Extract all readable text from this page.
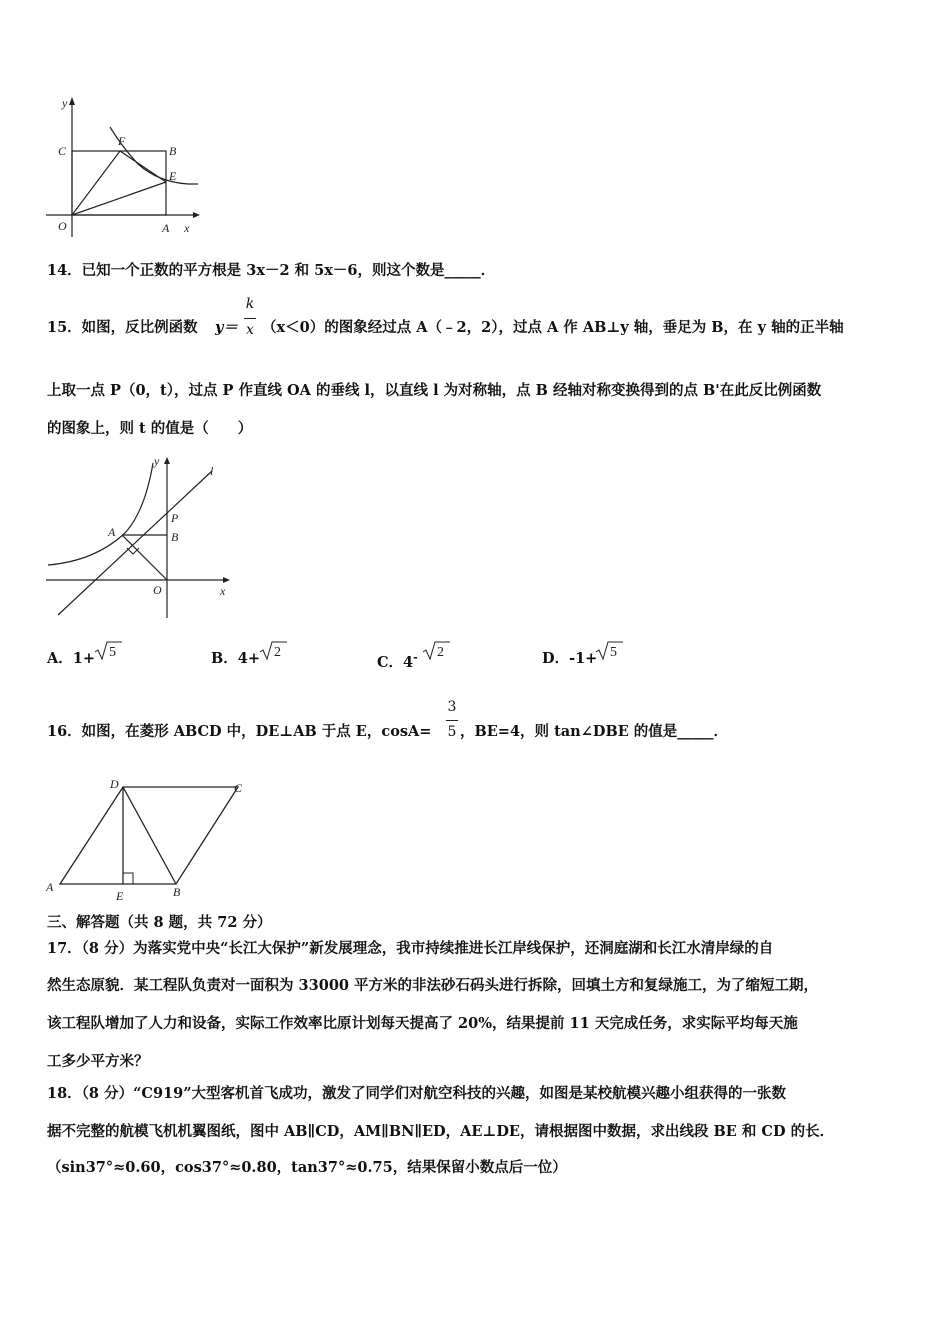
y
C
F
B
E
O	A x
14．已知一个正数的平方根是 3x－2 和 5x－6，则这个数是_____．
15．如图，反比例函数 y＝
k
x （x＜0）的图象经过点 A（﹣2，2），过点 A 作 AB⊥y 轴，垂足为 B，在 y 轴的正半轴
上取一点 P（0，t），过点 P 作直线 OA 的垂线 l，以直线 l 为对称轴，点 B 经轴对称变换得到的点 B'在此反比例函数
的图象上，则 t 的值是（　　）
y
l
P
A	B
O	x
A．1+ 5	B．4+ 2
C．4- 2	D．-1+ 5
16．如图，在菱形 ABCD 中，DE⊥AB 于点 E，cosA=
3
5 ，BE=4，则 tan∠DBE 的值是_____．
D	C
A
E	B
三、解答题（共 8 题，共 72 分）
17．（8 分）为落实党中央“长江大保护”新发展理念，我市持续推进长江岸线保护，还洞庭湖和长江水清岸绿的自
然生态原貌．某工程队负责对一面积为 33000 平方米的非法砂石码头进行拆除，回填土方和复绿施工，为了缩短工期，
该工程队增加了人力和设备，实际工作效率比原计划每天提高了 20%，结果提前 11 天完成任务，求实际平均每天施
工多少平方米？
18．（8 分）“C919”大型客机首飞成功，激发了同学们对航空科技的兴趣，如图是某校航模兴趣小组获得的一张数
据不完整的航模飞机机翼图纸，图中 AB∥CD，AM∥BN∥ED，AE⊥DE，请根据图中数据，求出线段 BE 和 CD 的长．
（sin37°≈0.60，cos37°≈0.80，tan37°≈0.75，结果保留小数点后一位）
